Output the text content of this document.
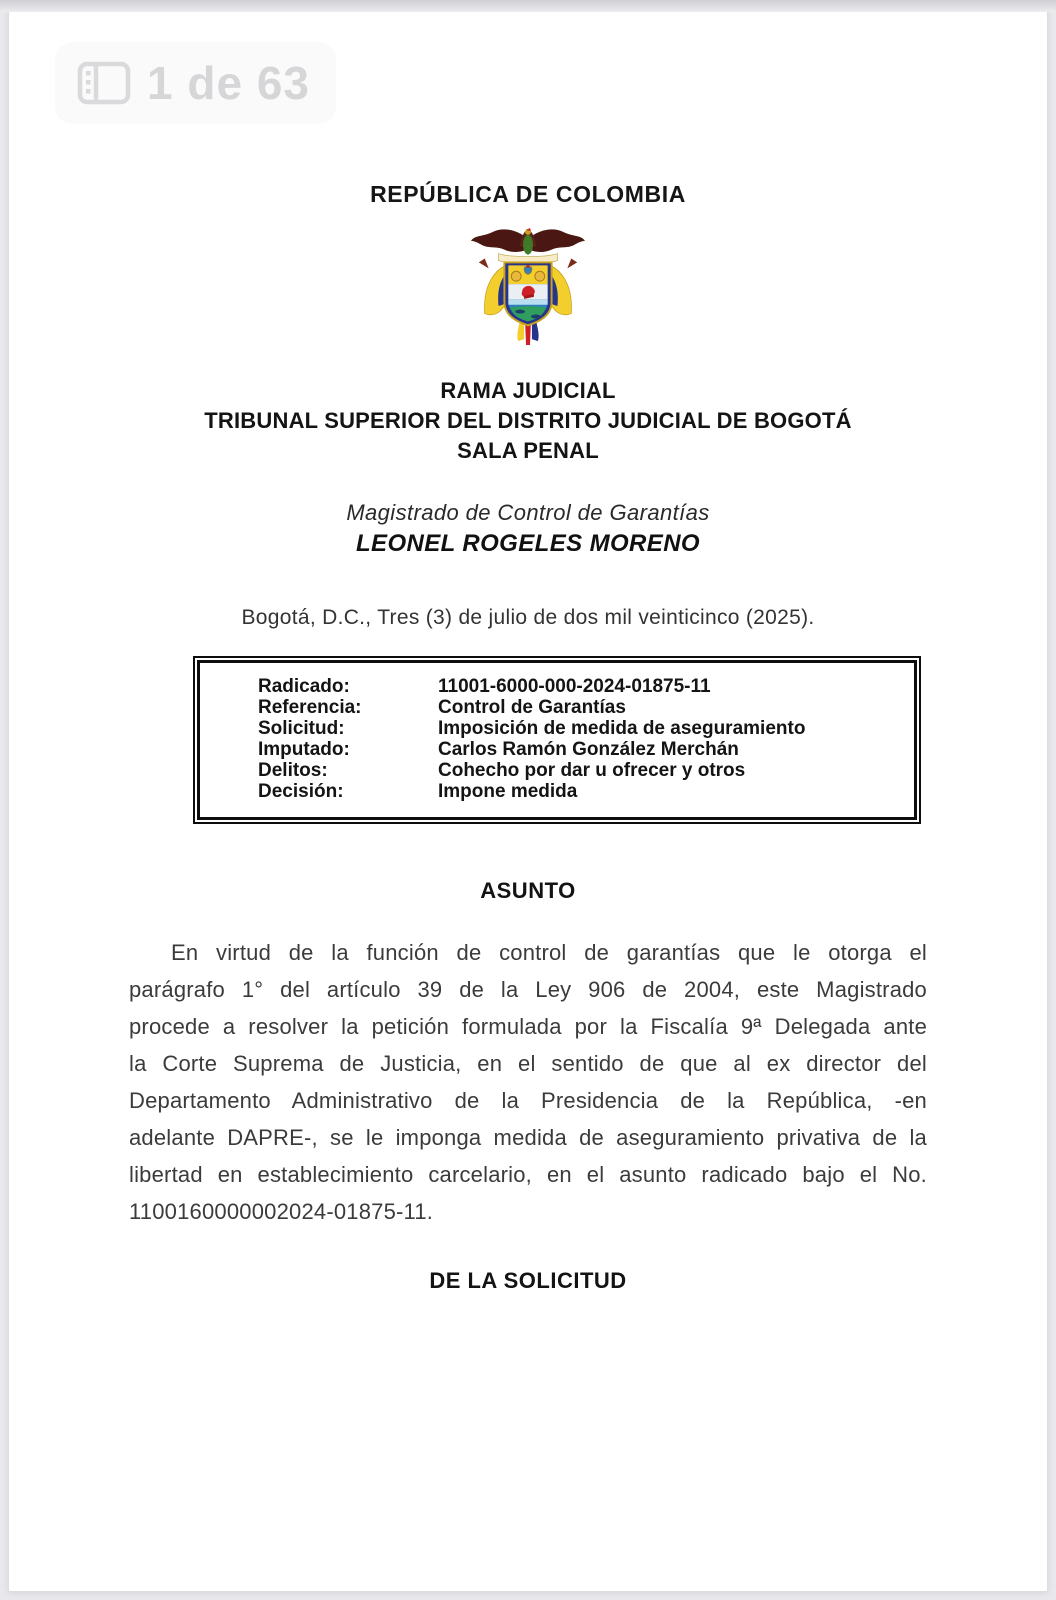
REPÚBLICA DE COLOMBIA
RAMA JUDICIAL
TRIBUNAL SUPERIOR DEL DISTRITO JUDICIAL DE BOGOTÁ
SALA PENAL
Magistrado de Control de Garantías
LEONEL ROGELES MORENO
Bogotá, D.C., Tres (3) de julio de dos mil veinticinco (2025).
Radicado:	11001-6000-000-2024-01875-11
Referencia:	Control de Garantías
Solicitud:	Imposición de medida de aseguramiento
Imputado:	Carlos Ramón González Merchán
Delitos:	Cohecho por dar u ofrecer y otros
Decisión:	Impone medida
ASUNTO

En virtud de la función de control de garantías que le otorga el parágrafo 1° del artículo 39 de la Ley 906 de 2004, este Magistrado procede a resolver la petición formulada por la Fiscalía 9ª Delegada ante la Corte Suprema de Justicia, en el sentido de que al ex director del Departamento Administrativo de la Presidencia de la República, -en adelante DAPRE-, se le imponga medida de aseguramiento privativa de la libertad en establecimiento carcelario, en el asunto radicado bajo el No. 1100160000002024-01875-11.

DE LA SOLICITUD
1 de 63
